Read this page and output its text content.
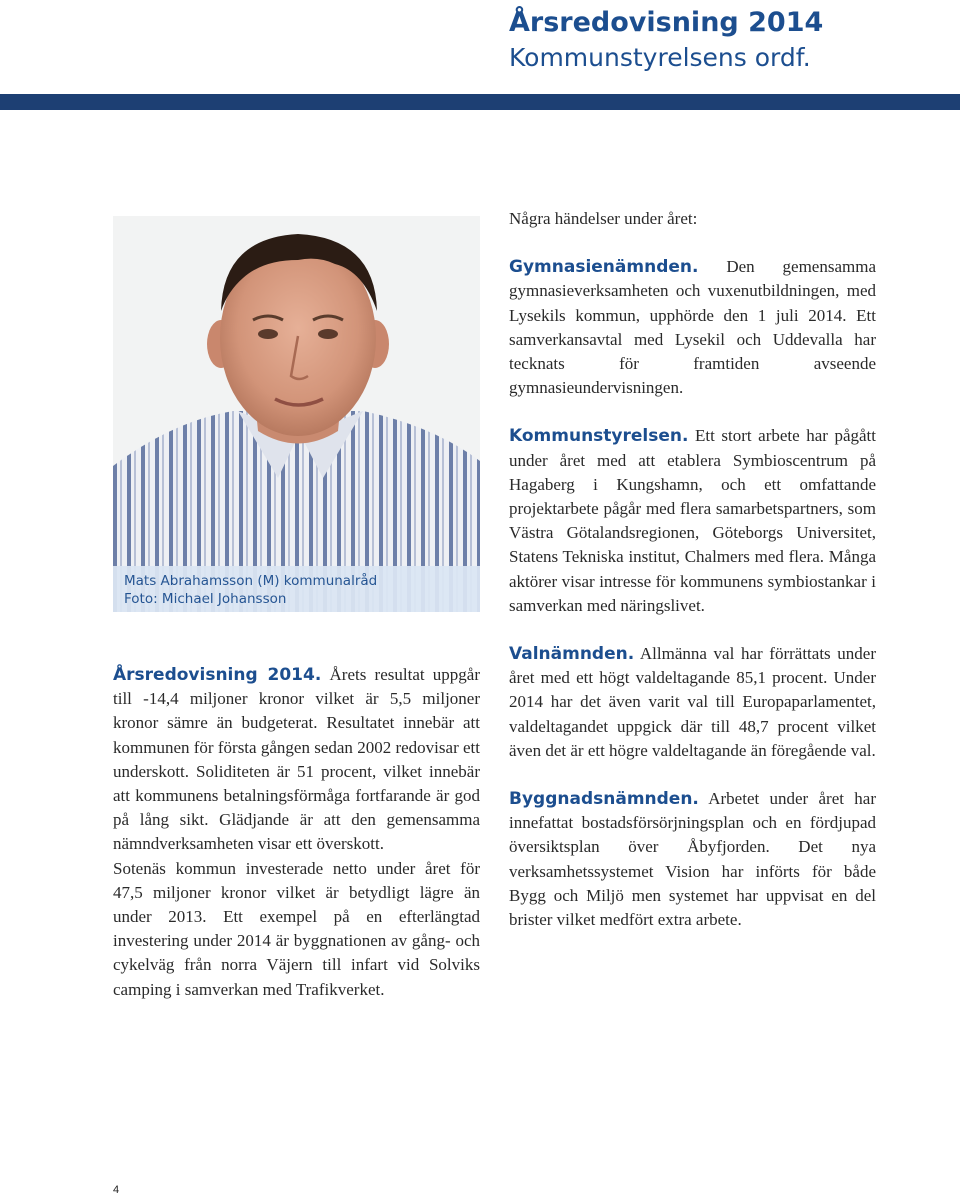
Årsredovisning 2014
Kommunstyrelsens ordf.
Mats Abrahamsson (M) kommunalråd
Foto: Michael Johansson

Några händelser under året:

Gymnasienämnden. Den gemensamma gymnasieverksamheten och vuxenutbildningen, med Lysekils kommun, upphörde den 1 juli 2014. Ett samverkansavtal med Lysekil och Uddevalla har tecknats för framtiden avseende gymnasieundervisningen.

Kommunstyrelsen. Ett stort arbete har pågått under året med att etablera Symbioscentrum på Hagaberg i Kungshamn, och ett omfattande projektarbete pågår med flera samarbetspartners, som Västra Götalandsregionen, Göteborgs Universitet, Statens Tekniska institut, Chalmers med flera. Många aktörer visar intresse för kommunens symbiostankar i samverkan med näringslivet.

Valnämnden. Allmänna val har förrättats under året med ett högt valdeltagande 85,1 procent. Under 2014 har det även varit val till Europaparlamentet, valdeltagandet uppgick där till 48,7 procent vilket även det är ett högre valdeltagande än föregående val.

Byggnadsnämnden. Arbetet under året har innefattat bostadsförsörjningsplan och en fördjupad översiktsplan över Åbyfjorden. Det nya verksamhetssystemet Vision har införts för både Bygg och Miljö men systemet har uppvisat en del brister vilket medfört extra arbete.

Årsredovisning 2014. Årets resultat uppgår till -14,4 miljoner kronor vilket är 5,5 miljoner kronor sämre än budgeterat. Resultatet innebär att kommunen för första gången sedan 2002 redovisar ett underskott. Soliditeten är 51 procent, vilket innebär att kommunens betalningsförmåga fortfarande är god på lång sikt. Glädjande är att den gemensamma nämndverksamheten visar ett överskott.

Sotenäs kommun investerade netto under året för 47,5 miljoner kronor vilket är betydligt lägre än under 2013. Ett exempel på en efterlängtad investering under 2014 är byggnationen av gång- och cykelväg från norra Väjern till infart vid Solviks camping i samverkan med Trafikverket.

4
